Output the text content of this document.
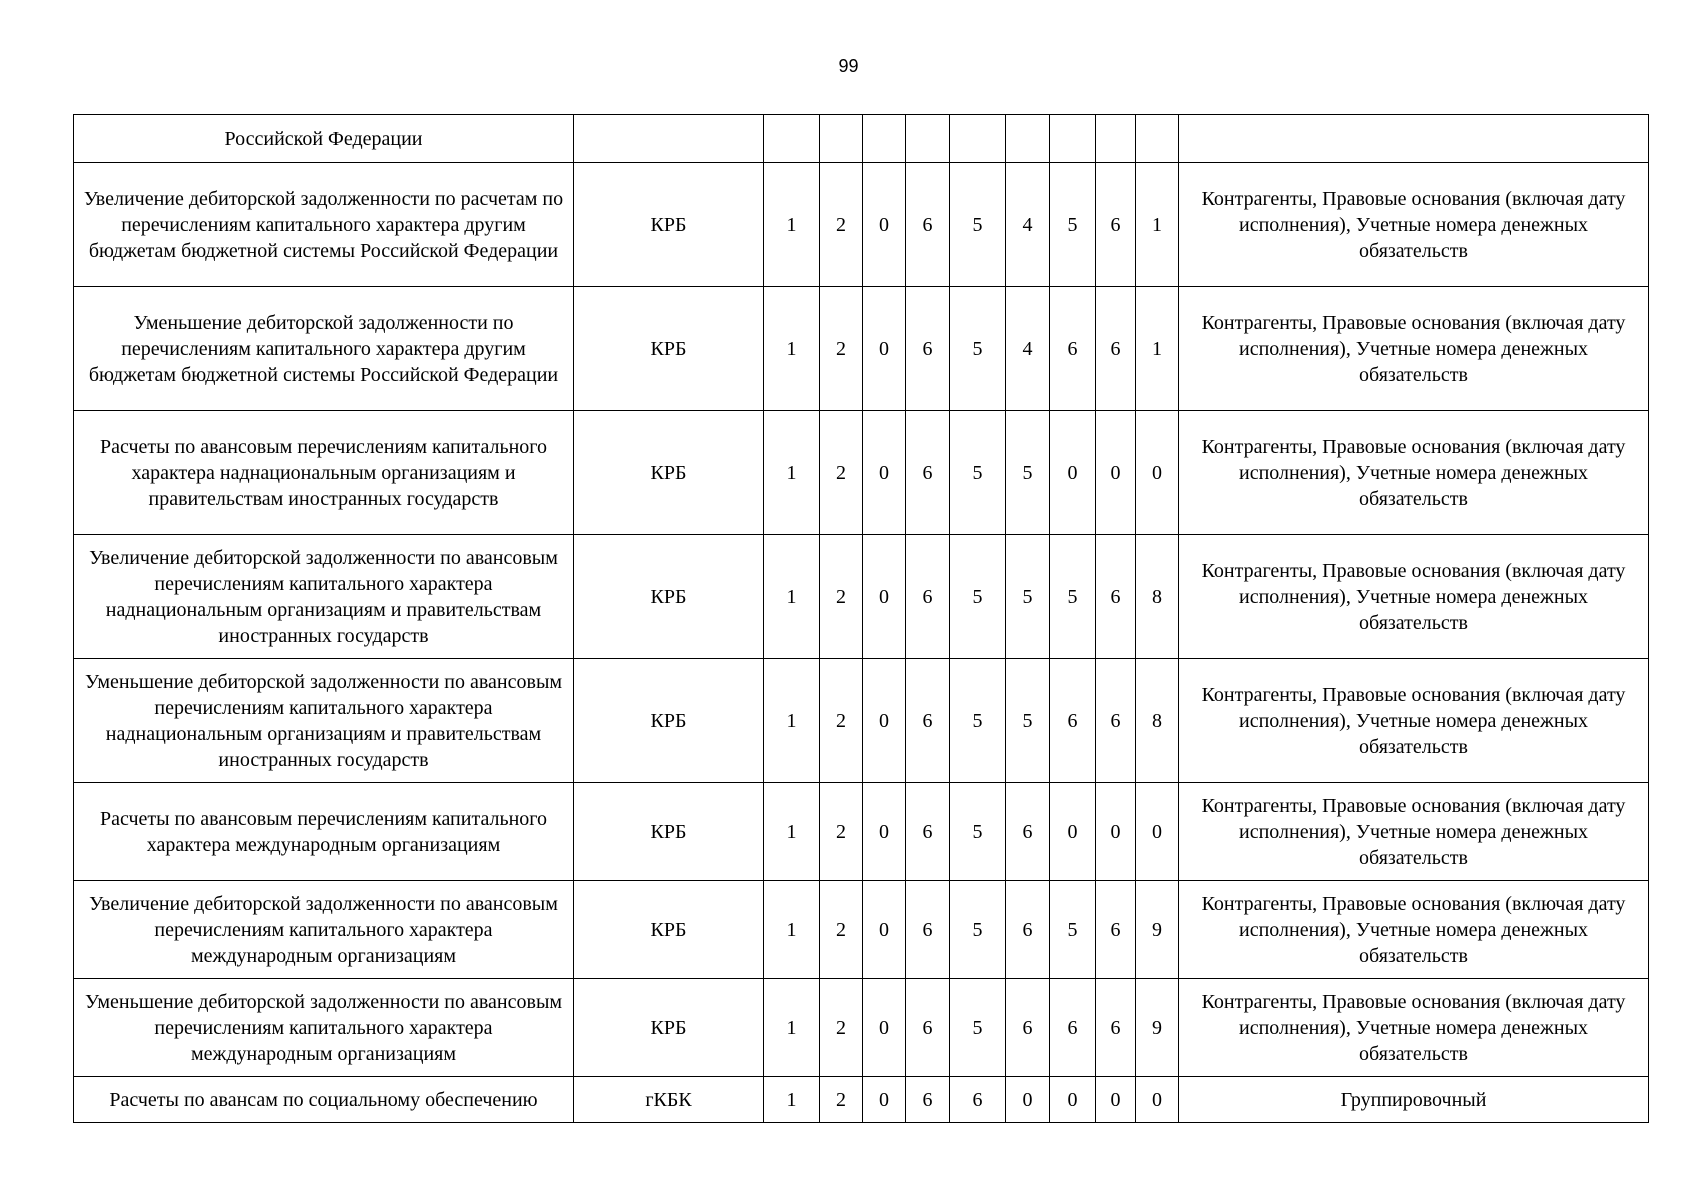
99
Российской Федерации											
Увеличение дебиторской задолженности по расчетам по перечислениям капитального характера другим бюджетам бюджетной системы Российской Федерации	КРБ	1	2	0	6	5	4	5	6	1	Контрагенты, Правовые основания (включая дату исполнения), Учетные номера денежных обязательств
Уменьшение дебиторской задолженности по перечислениям капитального характера другим бюджетам бюджетной системы Российской Федерации	КРБ	1	2	0	6	5	4	6	6	1	Контрагенты, Правовые основания (включая дату исполнения), Учетные номера денежных обязательств
Расчеты по авансовым перечислениям капитального характера наднациональным организациям и правительствам иностранных государств	КРБ	1	2	0	6	5	5	0	0	0	Контрагенты, Правовые основания (включая дату исполнения), Учетные номера денежных обязательств
Увеличение дебиторской задолженности по авансовым перечислениям капитального характера наднациональным организациям и правительствам иностранных государств	КРБ	1	2	0	6	5	5	5	6	8	Контрагенты, Правовые основания (включая дату исполнения), Учетные номера денежных обязательств
Уменьшение дебиторской задолженности по авансовым перечислениям капитального характера наднациональным организациям и правительствам иностранных государств	КРБ	1	2	0	6	5	5	6	6	8	Контрагенты, Правовые основания (включая дату исполнения), Учетные номера денежных обязательств
Расчеты по авансовым перечислениям капитального характера международным организациям	КРБ	1	2	0	6	5	6	0	0	0	Контрагенты, Правовые основания (включая дату исполнения), Учетные номера денежных обязательств
Увеличение дебиторской задолженности по авансовым перечислениям капитального характера международным организациям	КРБ	1	2	0	6	5	6	5	6	9	Контрагенты, Правовые основания (включая дату исполнения), Учетные номера денежных обязательств
Уменьшение дебиторской задолженности по авансовым перечислениям капитального характера международным организациям	КРБ	1	2	0	6	5	6	6	6	9	Контрагенты, Правовые основания (включая дату исполнения), Учетные номера денежных обязательств
Расчеты по авансам по социальному обеспечению	гКБК	1	2	0	6	6	0	0	0	0	Группировочный
